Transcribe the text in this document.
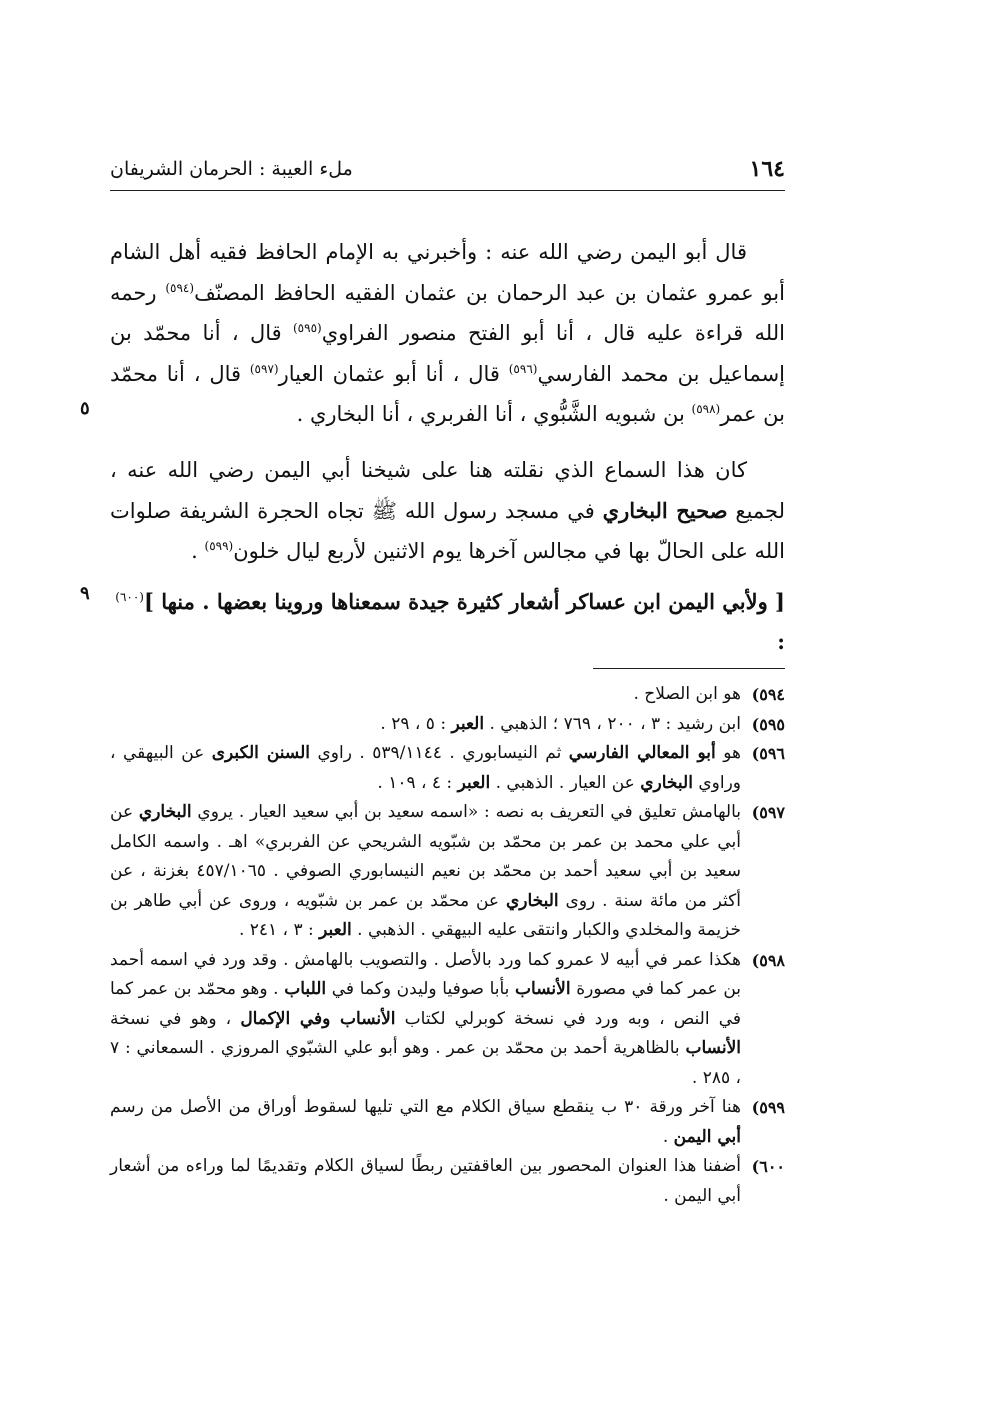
١٦٤
ملء العيبة : الحرمان الشريفان
قال أبو اليمن رضي الله عنه : وأخبرني به الإمام الحافظ فقيه أهل الشام أبو عمرو عثمان بن عبد الرحمان بن عثمان الفقيه الحافظ المصنّف$^{(٥٩٤)}$ رحمه الله قراءة عليه قال ، أنا أبو الفتح منصور الفراوي$^{(٥٩٥)}$ قال ، أنا محمّد بن إسماعيل بن محمد الفارسي$^{(٥٩٦)}$ قال ، أنا أبو عثمان العيار$^{(٥٩٧)}$ قال ، أنا محمّد بن عمر$^{(٥٩٨)}$ بن شبويه الشَّبُّوي ، أنا الفربري ، أنا البخاري .
٥
كان هذا السماع الذي نقلته هنا على شيخنا أبي اليمن رضي الله عنه ، لجميع صحيح البخاري في مسجد رسول الله ﷺ تجاه الحجرة الشريفة صلوات الله على الحالّ بها في مجالس آخرها يوم الاثنين لأربع ليال خلون$^{(٥٩٩)}$ .
[ ولأبي اليمن ابن عساكر أشعار كثيرة جيدة سمعناها وروينا بعضها . منها ]$^{(٦٠٠)}$ :
٩
٥٩٤)
هو ابن الصلاح .
٥٩٥)
ابن رشيد : ٣ ، ٢٠٠ ، ٧٦٩ ؛ الذهبي . العبر : ٥ ، ٢٩ .
٥٩٦)
هو أبو المعالي الفارسي ثم النيسابوري . ٥٣٩/١١٤٤ . راوي السنن الكبرى عن البيهقي ، وراوي البخاري عن العيار . الذهبي . العبر : ٤ ، ١٠٩ .
٥٩٧)
بالهامش تعليق في التعريف به نصه : «اسمه سعيد بن أبي سعيد العيار . يروي البخاري عن أبي علي محمد بن عمر بن محمّد بن شبّويه الشريحي عن الفربري» اهـ . واسمه الكامل سعيد بن أبي سعيد أحمد بن محمّد بن نعيم النيسابوري الصوفي . ٤٥٧/١٠٦٥ بغزنة ، عن أكثر من مائة سنة . روى البخاري عن محمّد بن عمر بن شبّويه ، وروى عن أبي طاهر بن خزيمة والمخلدي والكبار وانتقى عليه البيهقي . الذهبي . العبر : ٣ ، ٢٤١ .
٥٩٨)
هكذا عمر في أبيه لا عمرو كما ورد بالأصل . والتصويب بالهامش . وقد ورد في اسمه أحمد بن عمر كما في مصورة الأنساب بأبا صوفيا وليدن وكما في اللباب . وهو محمّد بن عمر كما في النص ، وبه ورد في نسخة كوبرلي لكتاب الأنساب وفي الإكمال ، وهو في نسخة الأنساب بالظاهرية أحمد بن محمّد بن عمر . وهو أبو علي الشبّوي المروزي . السمعاني : ٧ ، ٢٨٥ .
٥٩٩)
هنا آخر ورقة ٣٠ ب ينقطع سياق الكلام مع التي تليها لسقوط أوراق من الأصل من رسم أبي اليمن .
٦٠٠)
أضفنا هذا العنوان المحصور بين العاقفتين ربطًا لسياق الكلام وتقديمًا لما وراءه من أشعار أبي اليمن .
